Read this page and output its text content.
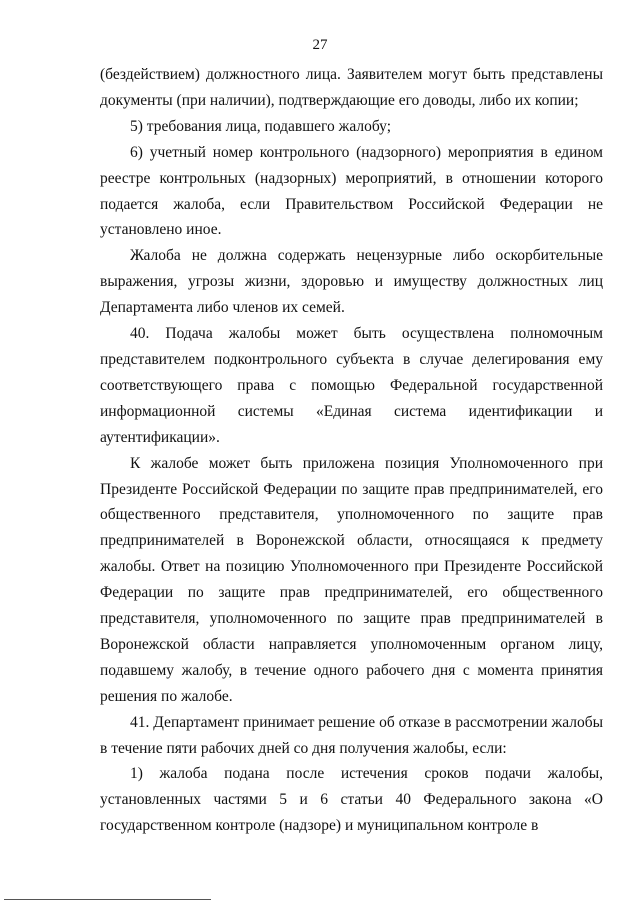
27

(бездействием) должностного лица. Заявителем могут быть представлены документы (при наличии), подтверждающие его доводы, либо их копии;

5) требования лица, подавшего жалобу;

6) учетный номер контрольного (надзорного) мероприятия в едином реестре контрольных (надзорных) мероприятий, в отношении которого подается жалоба, если Правительством Российской Федерации не установлено иное.

Жалоба не должна содержать нецензурные либо оскорбительные выражения, угрозы жизни, здоровью и имуществу должностных лиц Департамента либо членов их семей.

40. Подача жалобы может быть осуществлена полномочным представителем подконтрольного субъекта в случае делегирования ему соответствующего права с помощью Федеральной государственной информационной системы «Единая система идентификации и аутентификации».

К жалобе может быть приложена позиция Уполномоченного при Президенте Российской Федерации по защите прав предпринимателей, его общественного представителя, уполномоченного по защите прав предпринимателей в Воронежской области, относящаяся к предмету жалобы. Ответ на позицию Уполномоченного при Президенте Российской Федерации по защите прав предпринимателей, его общественного представителя, уполномоченного по защите прав предпринимателей в Воронежской области направляется уполномоченным органом лицу, подавшему жалобу, в течение одного рабочего дня с момента принятия решения по жалобе.

41. Департамент принимает решение об отказе в рассмотрении жалобы в течение пяти рабочих дней со дня получения жалобы, если:

1) жалоба подана после истечения сроков подачи жалобы, установленных частями 5 и 6 статьи 40 Федерального закона «О государственном контроле (надзоре) и муниципальном контроле в
